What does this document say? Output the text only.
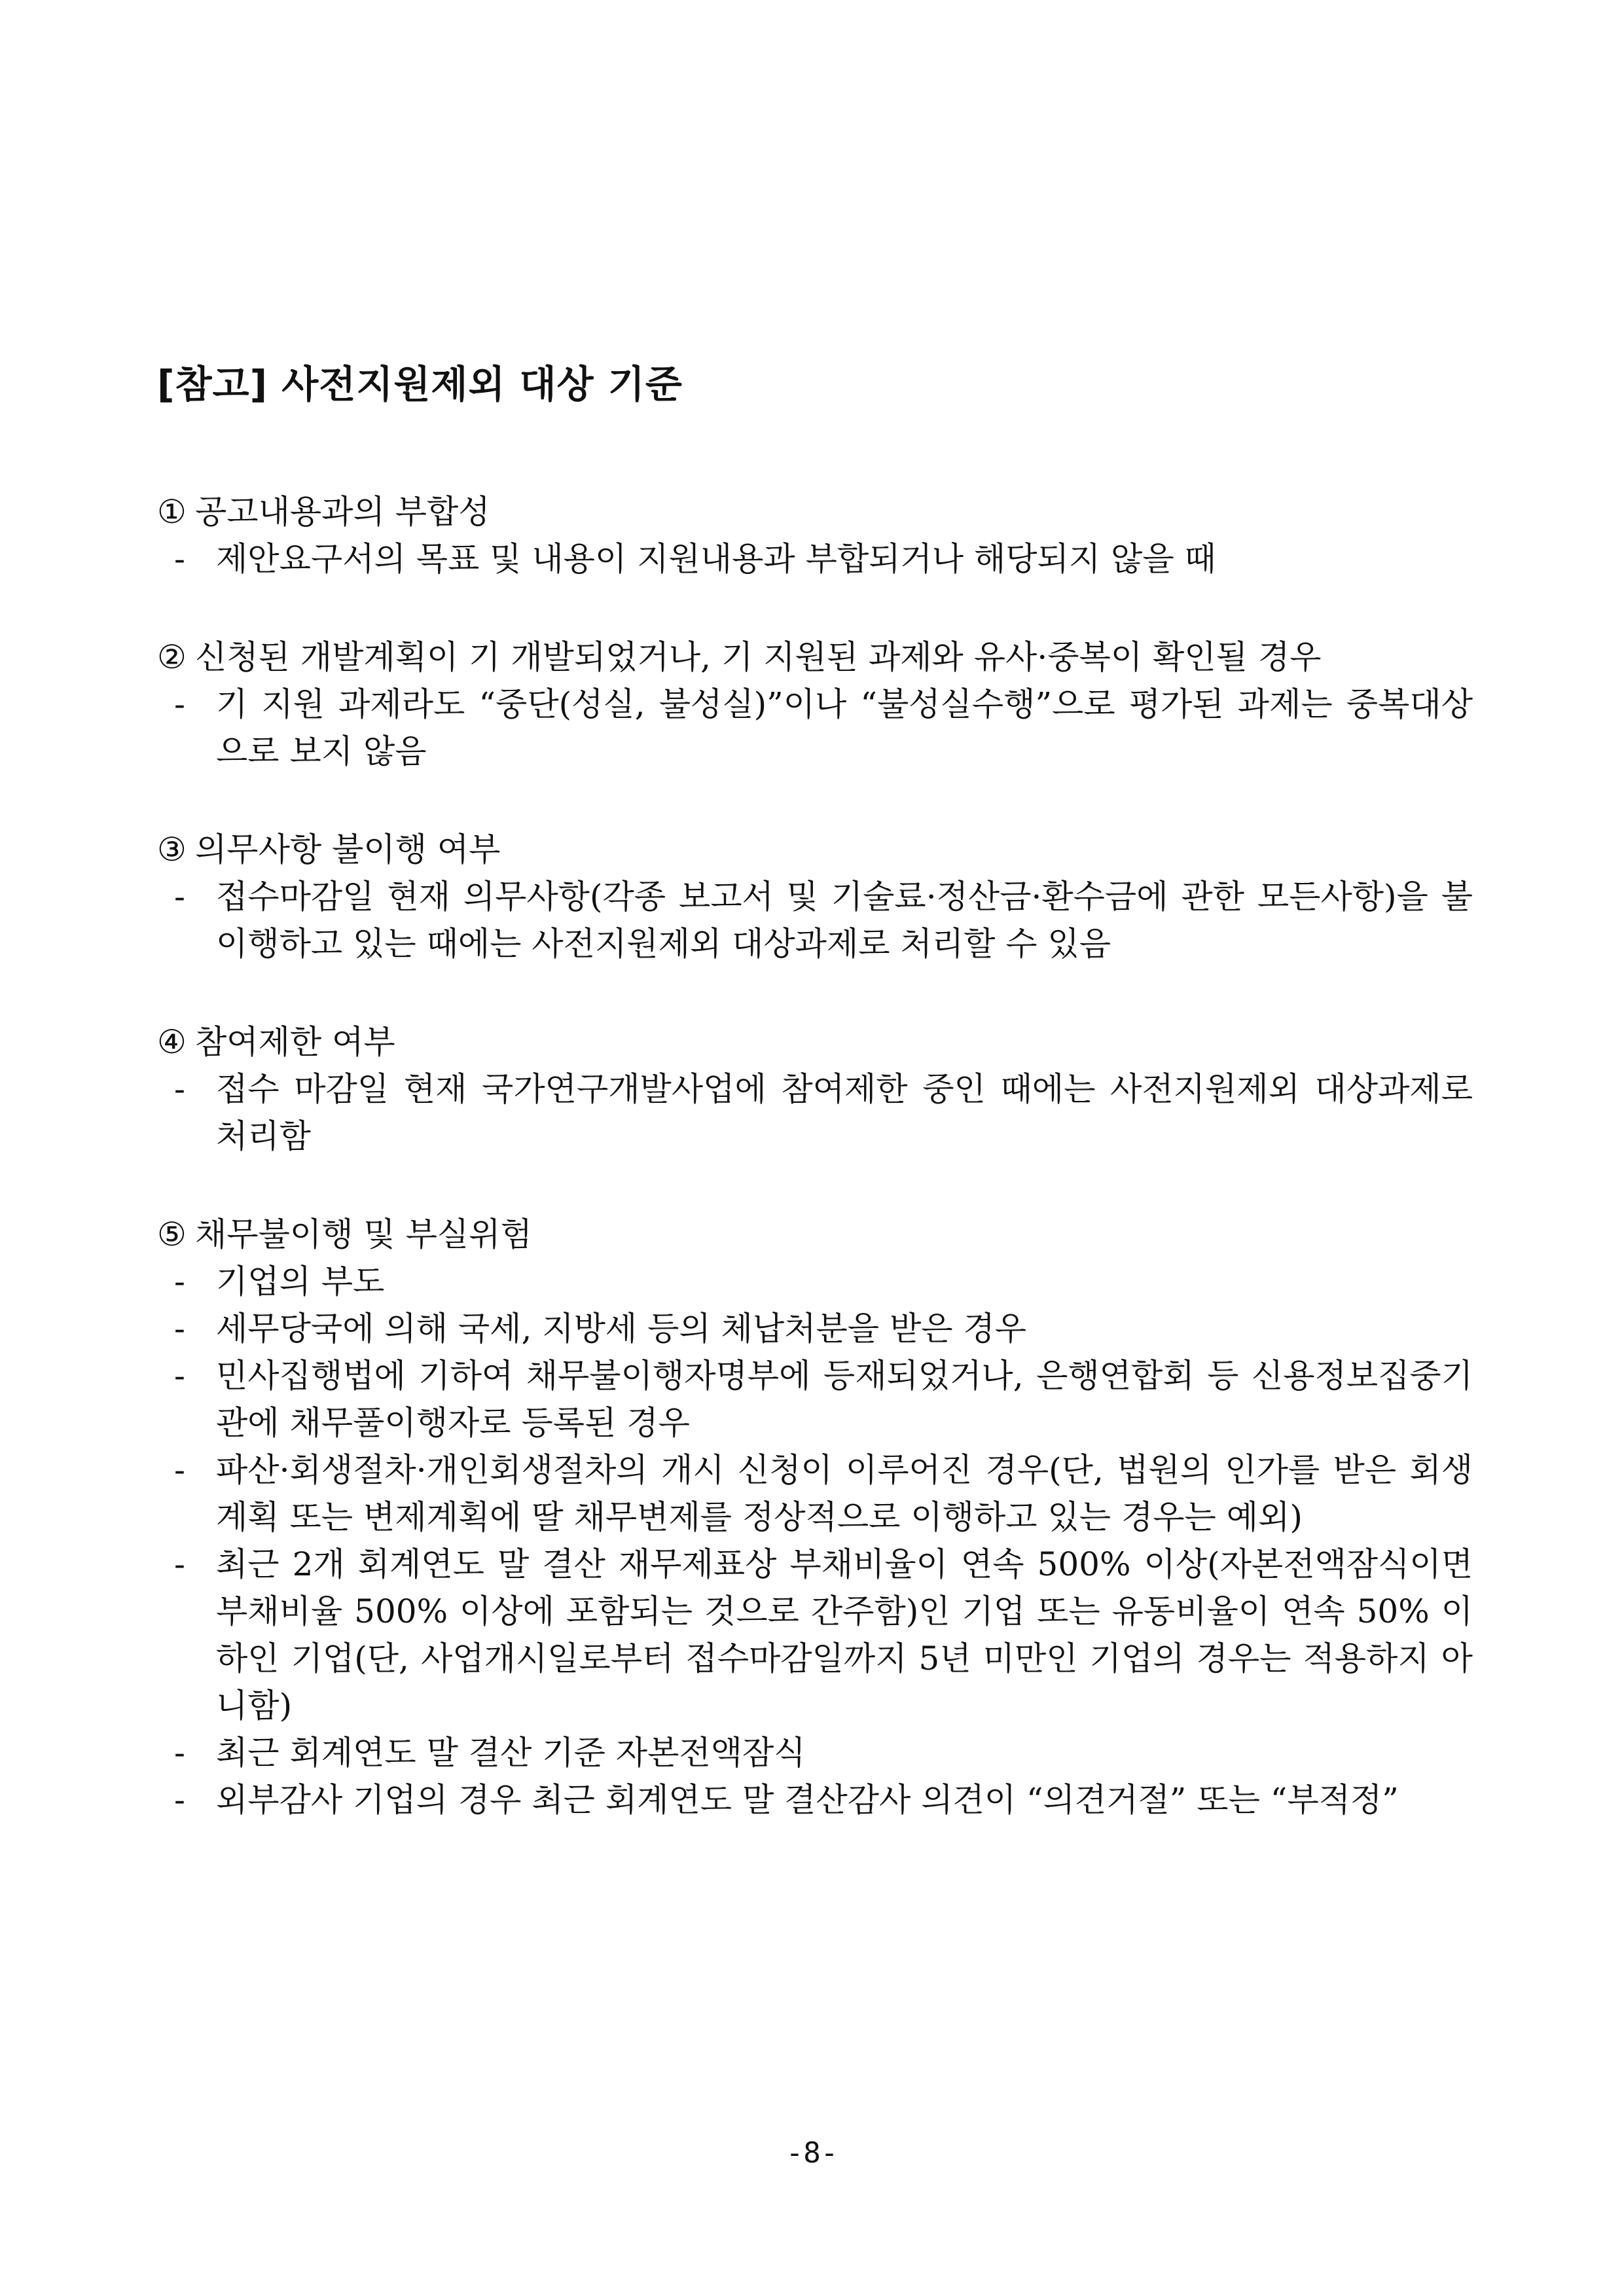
[참고] 사전지원제외 대상 기준
① 공고내용과의 부합성
- 제안요구서의 목표 및 내용이 지원내용과 부합되거나 해당되지 않을 때
② 신청된 개발계획이 기 개발되었거나, 기 지원된 과제와 유사·중복이 확인될 경우
- 기 지원 과제라도 “중단(성실, 불성실)”이나 “불성실수행”으로 평가된 과제는 중복대상으로 보지 않음
③ 의무사항 불이행 여부
- 접수마감일 현재 의무사항(각종 보고서 및 기술료·정산금·환수금에 관한 모든사항)을 불이행하고 있는 때에는 사전지원제외 대상과제로 처리할 수 있음
④ 참여제한 여부
- 접수 마감일 현재 국가연구개발사업에 참여제한 중인 때에는 사전지원제외 대상과제로 처리함
⑤ 채무불이행 및 부실위험
- 기업의 부도
- 세무당국에 의해 국세, 지방세 등의 체납처분을 받은 경우
- 민사집행법에 기하여 채무불이행자명부에 등재되었거나, 은행연합회 등 신용정보집중기관에 채무풀이행자로 등록된 경우
- 파산·회생절차·개인회생절차의 개시 신청이 이루어진 경우(단, 법원의 인가를 받은 회생계획 또는 변제계획에 딸 채무변제를 정상적으로 이행하고 있는 경우는 예외)
- 최근 2개 회계연도 말 결산 재무제표상 부채비율이 연속 500% 이상(자본전액잠식이면 부채비율 500% 이상에 포함되는 것으로 간주함)인 기업 또는 유동비율이 연속 50% 이하인 기업(단, 사업개시일로부터 접수마감일까지 5년 미만인 기업의 경우는 적용하지 아니함)
- 최근 회계연도 말 결산 기준 자본전액잠식
- 외부감사 기업의 경우 최근 회계연도 말 결산감사 의견이 “의견거절” 또는 “부적정”
-8-
